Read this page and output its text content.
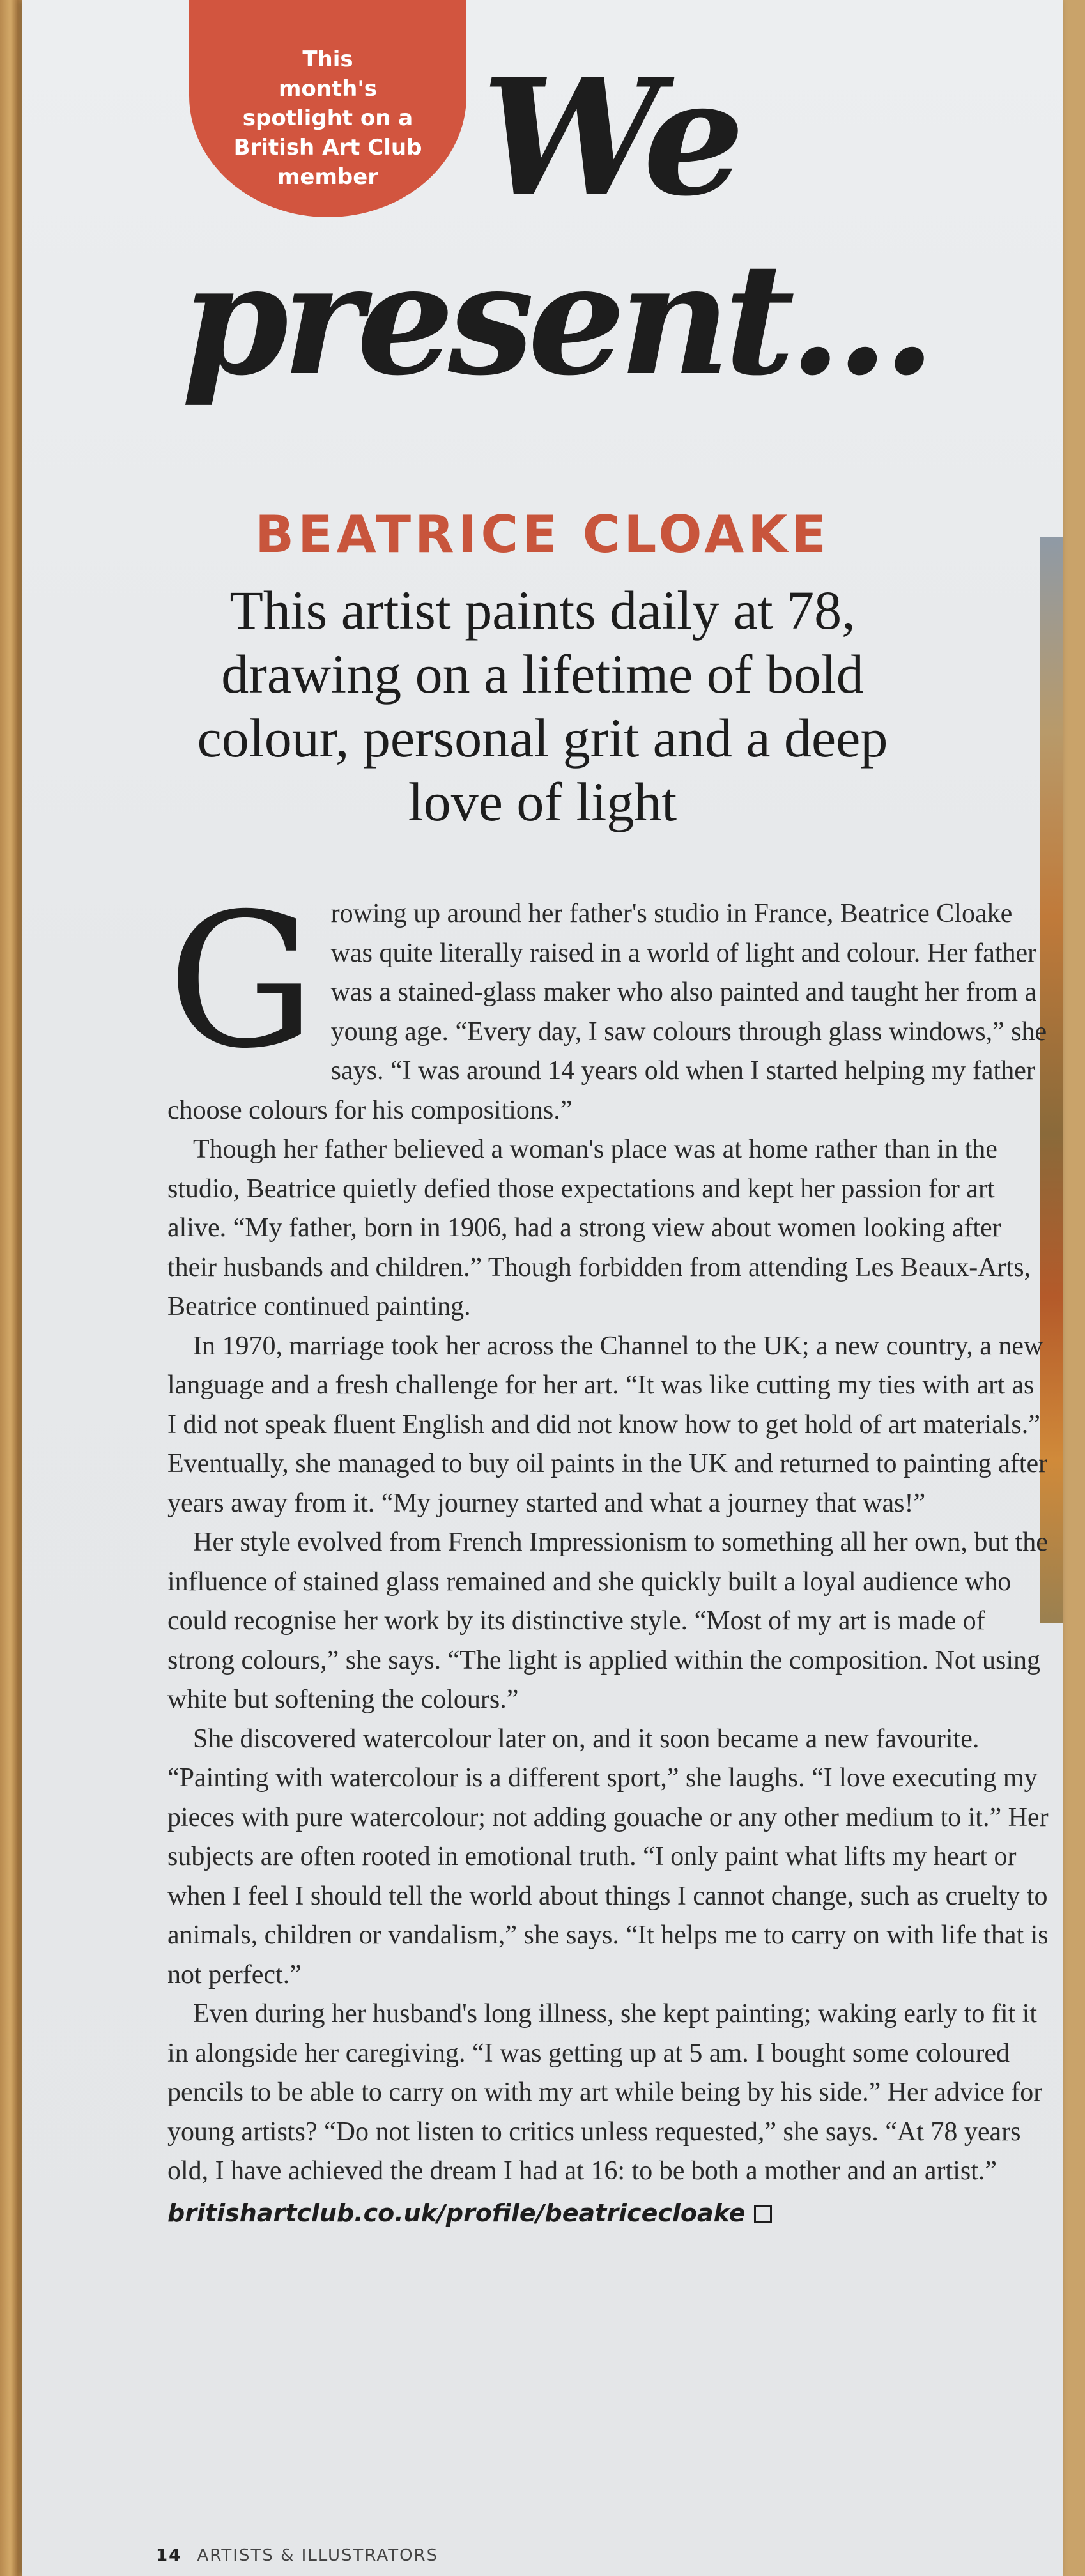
This
month's
spotlight on a
British Art Club
member We
present...
BEATRICE CLOAKE

This artist paints daily at 78, drawing on a lifetime of bold colour, personal grit and a deep love of light

Growing up around her father's studio in France, Beatrice Cloake was quite literally raised in a world of light and colour. Her father was a stained-glass maker who also painted and taught her from a young age. “Every day, I saw colours through glass windows,” she says. “I was around 14 years old when I started helping my father choose colours for his compositions.”

Though her father believed a woman's place was at home rather than in the studio, Beatrice quietly defied those expectations and kept her passion for art alive. “My father, born in 1906, had a strong view about women looking after their husbands and children.” Though forbidden from attending Les Beaux-Arts, Beatrice continued painting.

In 1970, marriage took her across the Channel to the UK; a new country, a new language and a fresh challenge for her art. “It was like cutting my ties with art as I did not speak fluent English and did not know how to get hold of art materials.” Eventually, she managed to buy oil paints in the UK and returned to painting after years away from it. “My journey started and what a journey that was!”

Her style evolved from French Impressionism to something all her own, but the influence of stained glass remained and she quickly built a loyal audience who could recognise her work by its distinctive style. “Most of my art is made of strong colours,” she says. “The light is applied within the composition. Not using white but softening the colours.”

She discovered watercolour later on, and it soon became a new favourite. “Painting with watercolour is a different sport,” she laughs. “I love executing my pieces with pure watercolour; not adding gouache or any other medium to it.” Her subjects are often rooted in emotional truth. “I only paint what lifts my heart or when I feel I should tell the world about things I cannot change, such as cruelty to animals, children or vandalism,” she says. “It helps me to carry on with life that is not perfect.”

Even during her husband's long illness, she kept painting; waking early to fit it in alongside her caregiving. “I was getting up at 5 am. I bought some coloured pencils to be able to carry on with my art while being by his side.” Her advice for young artists? “Do not listen to critics unless requested,” she says. “At 78 years old, I have achieved the dream I had at 16: to be both a mother and an artist.”

britishartclub.co.uk/profile/beatricecloake
14 ARTISTS & ILLUSTRATORS
